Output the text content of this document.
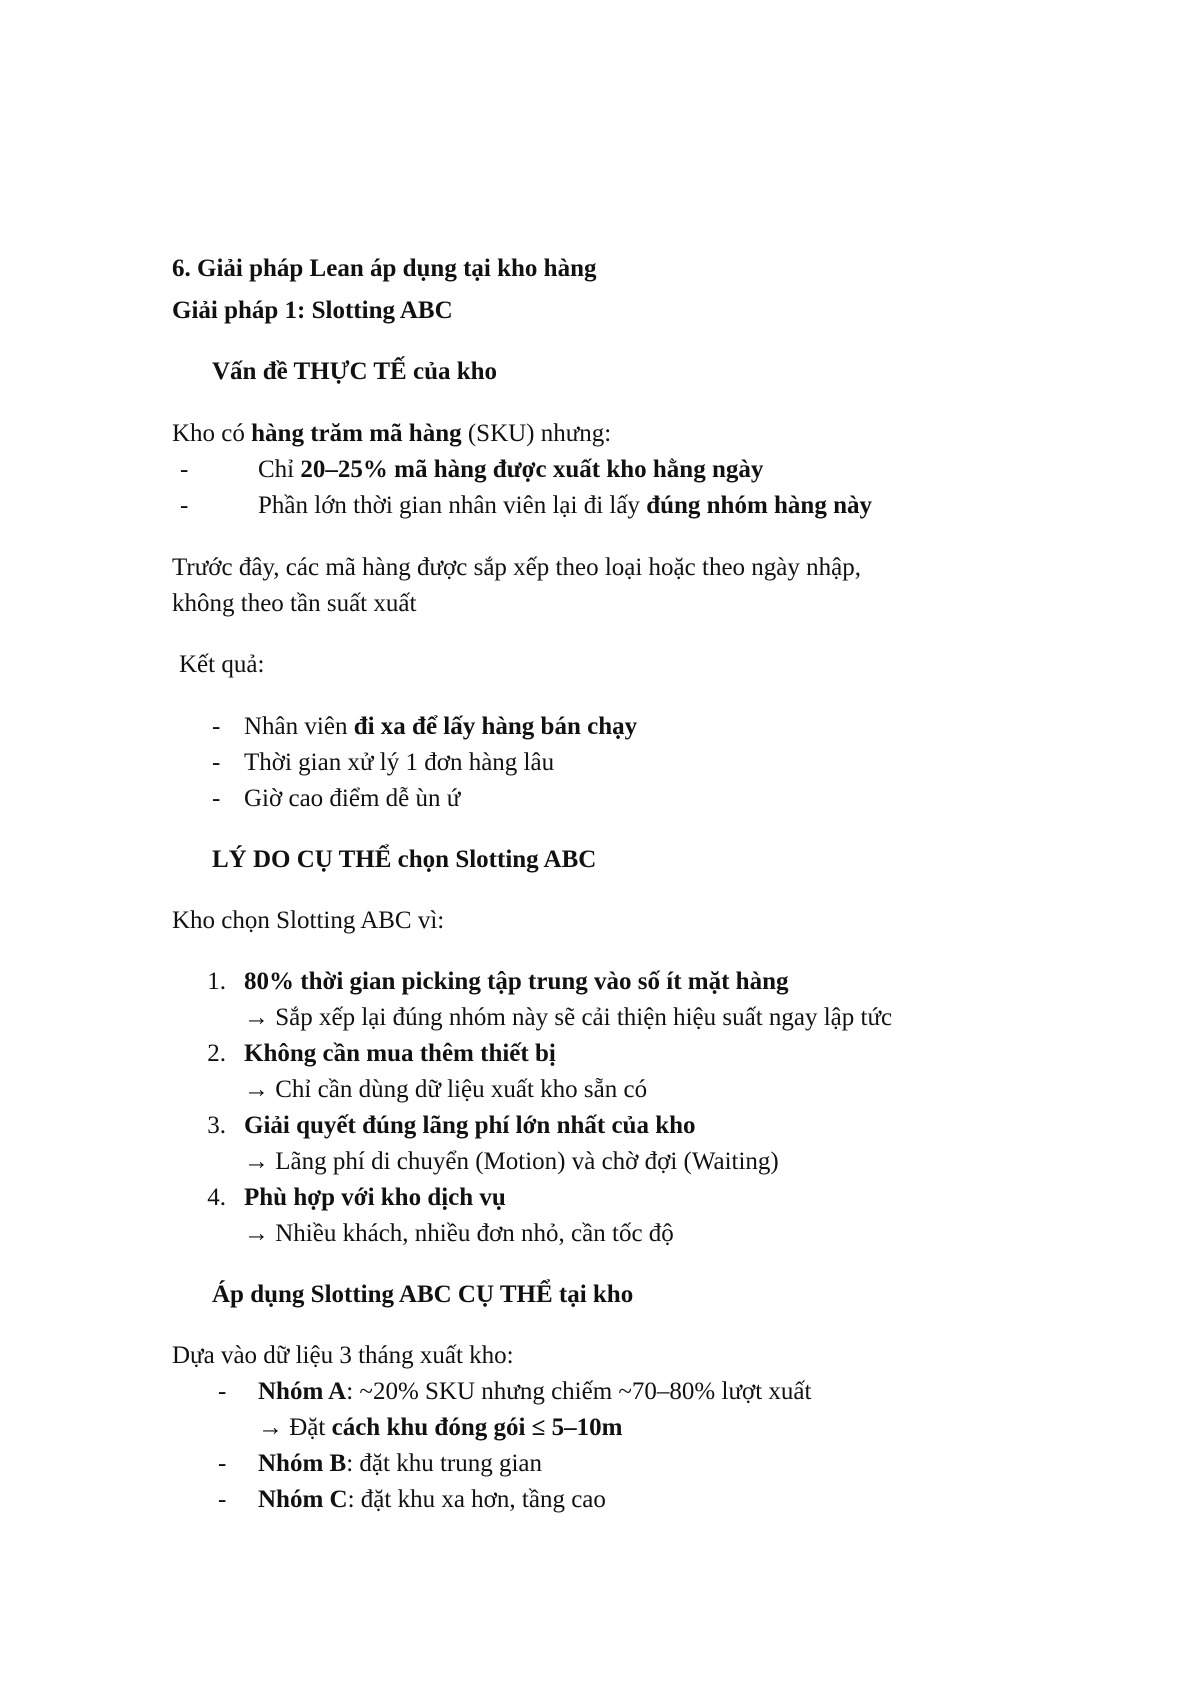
6. Giải pháp Lean áp dụng tại kho hàng
Giải pháp 1: Slotting ABC
Vấn đề THỰC TẾ của kho
Kho có hàng trăm mã hàng (SKU) nhưng:
-	Chỉ 20–25% mã hàng được xuất kho hằng ngày
-	Phần lớn thời gian nhân viên lại đi lấy đúng nhóm hàng này
Trước đây, các mã hàng được sắp xếp theo loại hoặc theo ngày nhập,
không theo tần suất xuất
Kết quả:
- Nhân viên đi xa để lấy hàng bán chạy
- Thời gian xử lý 1 đơn hàng lâu
- Giờ cao điểm dễ ùn ứ
LÝ DO CỤ THỂ chọn Slotting ABC
Kho chọn Slotting ABC vì:
1. 80% thời gian picking tập trung vào số ít mặt hàng
→ Sắp xếp lại đúng nhóm này sẽ cải thiện hiệu suất ngay lập tức
2. Không cần mua thêm thiết bị
→ Chỉ cần dùng dữ liệu xuất kho sẵn có
3. Giải quyết đúng lãng phí lớn nhất của kho
→ Lãng phí di chuyển (Motion) và chờ đợi (Waiting)
4. Phù hợp với kho dịch vụ
→ Nhiều khách, nhiều đơn nhỏ, cần tốc độ
Áp dụng Slotting ABC CỤ THỂ tại kho
Dựa vào dữ liệu 3 tháng xuất kho:
- Nhóm A: ~20% SKU nhưng chiếm ~70–80% lượt xuất
→ Đặt cách khu đóng gói ≤ 5–10m
- Nhóm B: đặt khu trung gian
- Nhóm C: đặt khu xa hơn, tầng cao
